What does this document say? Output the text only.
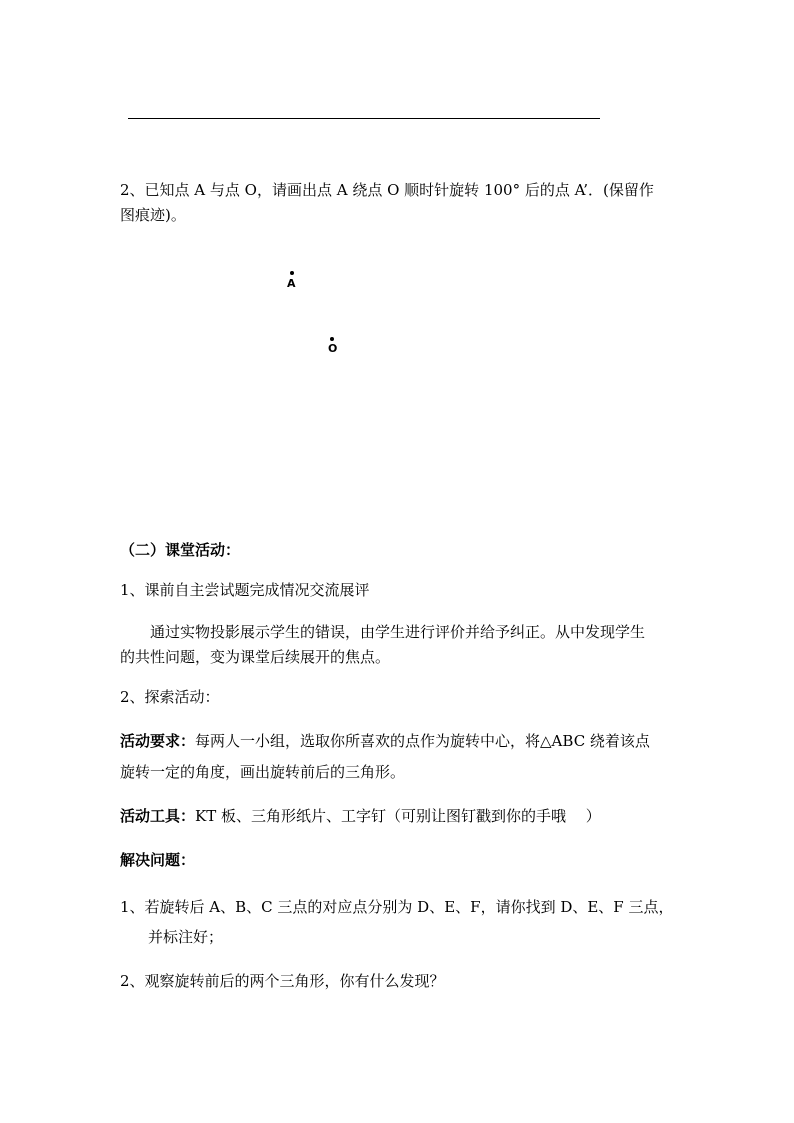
2、已知点 A 与点 O，请画出点 A 绕点 O 顺时针旋转 100° 后的点 A’．(保留作
图痕迹)。
A
O
（二）课堂活动：
1、课前自主尝试题完成情况交流展评
通过实物投影展示学生的错误，由学生进行评价并给予纠正。从中发现学生
的共性问题，变为课堂后续展开的焦点。
2、探索活动：
活动要求：每两人一小组，选取你所喜欢的点作为旋转中心，将△ABC 绕着该点
旋转一定的角度，画出旋转前后的三角形。
活动工具：KT 板、三角形纸片、工字钉（可别让图钉戳到你的手哦　 ）
解决问题：
1、若旋转后 A、B、C 三点的对应点分别为 D、E、F，请你找到 D、E、F 三点，
并标注好；
2、观察旋转前后的两个三角形，你有什么发现？
